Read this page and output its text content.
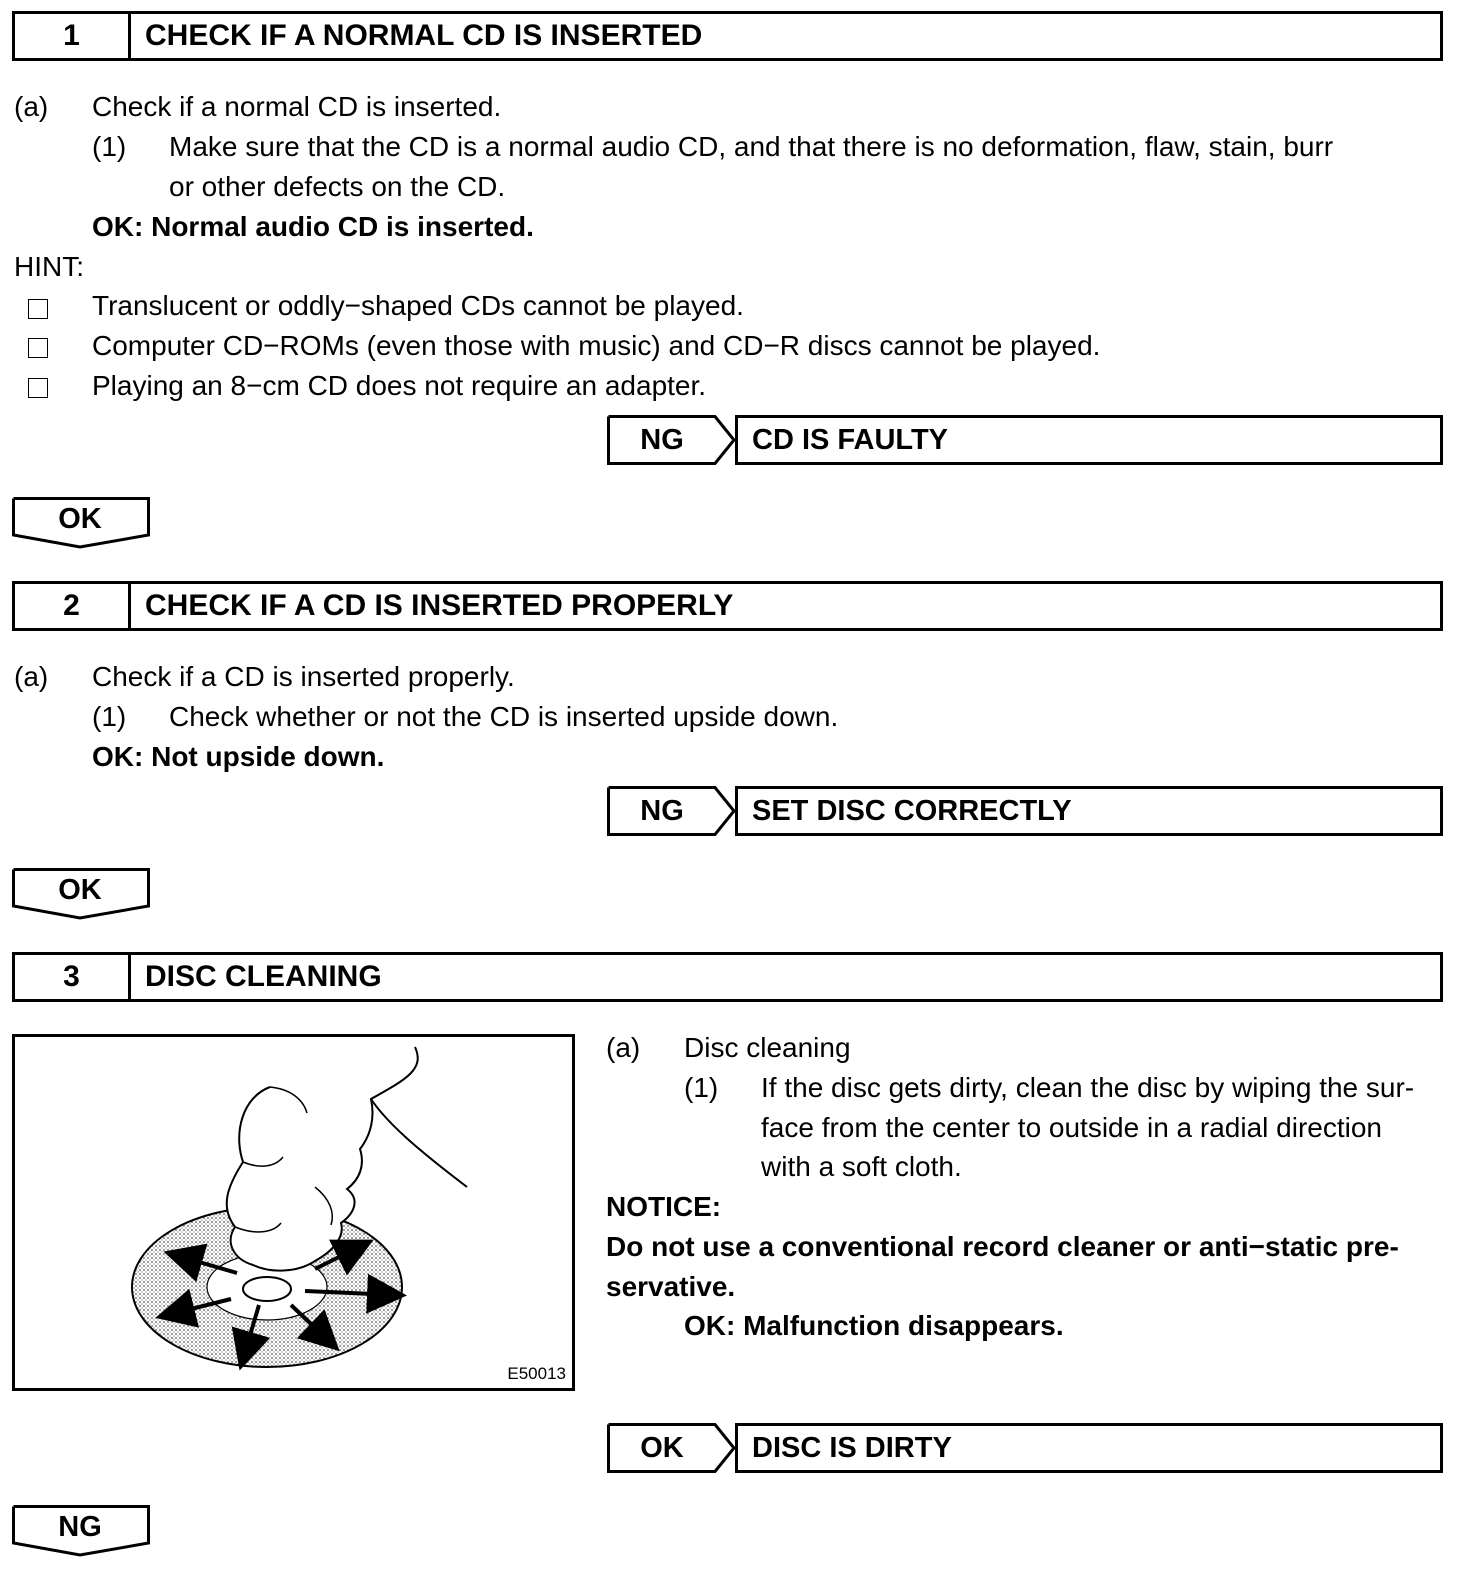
1	CHECK IF A NORMAL CD IS INSERTED
(a) Check if a normal CD is inserted.
(1) Make sure that the CD is a normal audio CD, and that there is no deformation, flaw, stain, burr
or other defects on the CD.
OK: Normal audio CD is inserted.
HINT:
Translucent or oddly−shaped CDs cannot be played.
Computer CD−ROMs (even those with music) and CD−R discs cannot be played.
Playing an 8−cm CD does not require an adapter.
NG	CD IS FAULTY
OK
2	CHECK IF A CD IS INSERTED PROPERLY
(a) Check if a CD is inserted properly.
(1) Check whether or not the CD is inserted upside down.
OK: Not upside down.
NG	SET DISC CORRECTLY
OK
3	DISC CLEANING
E50013
(a) Disc cleaning
(1) If the disc gets dirty, clean the disc by wiping the sur-
face from the center to outside in a radial direction
with a soft cloth.
NOTICE:
Do not use a conventional record cleaner or anti−static pre-
servative.
OK: Malfunction disappears.
OK	DISC IS DIRTY
NG
